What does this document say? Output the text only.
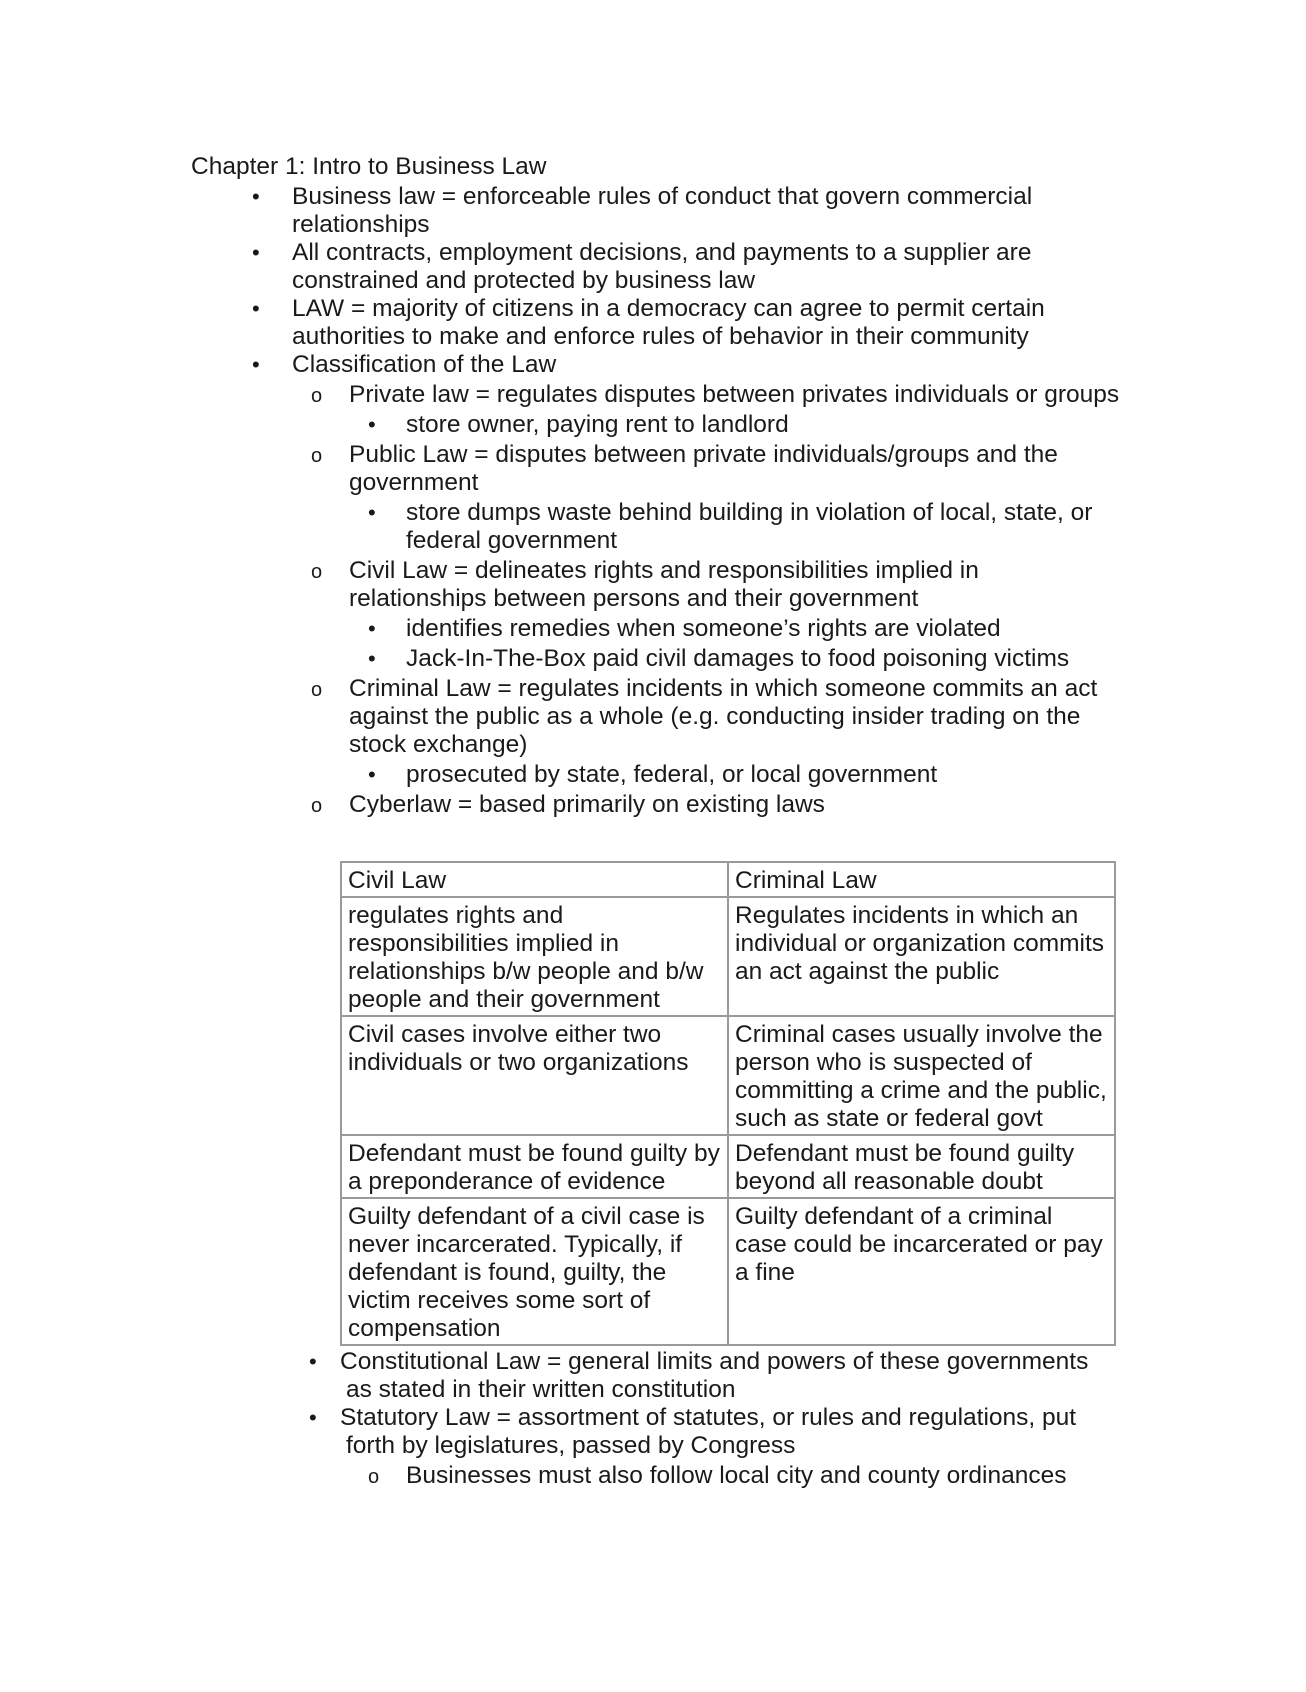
Chapter 1: Intro to Business Law
• Business law = enforceable rules of conduct that govern commercial relationships
• All contracts, employment decisions, and payments to a supplier are constrained and protected by business law
• LAW = majority of citizens in a democracy can agree to permit certain authorities to make and enforce rules of behavior in their community
• Classification of the Law
o Private law = regulates disputes between privates individuals or groups
• store owner, paying rent to landlord
o Public Law = disputes between private individuals/groups and the government
• store dumps waste behind building in violation of local, state, or federal government
o Civil Law = delineates rights and responsibilities implied in relationships between persons and their government
• identifies remedies when someone’s rights are violated
• Jack-In-The-Box paid civil damages to food poisoning victims
o Criminal Law = regulates incidents in which someone commits an act against the public as a whole (e.g. conducting insider trading on the stock exchange)
• prosecuted by state, federal, or local government
o Cyberlaw = based primarily on existing laws
Civil Law	Criminal Law
regulates rights and responsibilities implied in relationships b/w people and b/w people and their government	Regulates incidents in which an individual or organization commits an act against the public
Civil cases involve either two individuals or two organizations	Criminal cases usually involve the person who is suspected of committing a crime and the public, such as state or federal govt
Defendant must be found guilty by a preponderance of evidence	Defendant must be found guilty beyond all reasonable doubt
Guilty defendant of a civil case is never incarcerated. Typically, if defendant is found, guilty, the victim receives some sort of compensation	Guilty defendant of a criminal case could be incarcerated or pay a fine
• Constitutional Law = general limits and powers of these governments as stated in their written constitution
• Statutory Law = assortment of statutes, or rules and regulations, put forth by legislatures, passed by Congress
o Businesses must also follow local city and county ordinances
